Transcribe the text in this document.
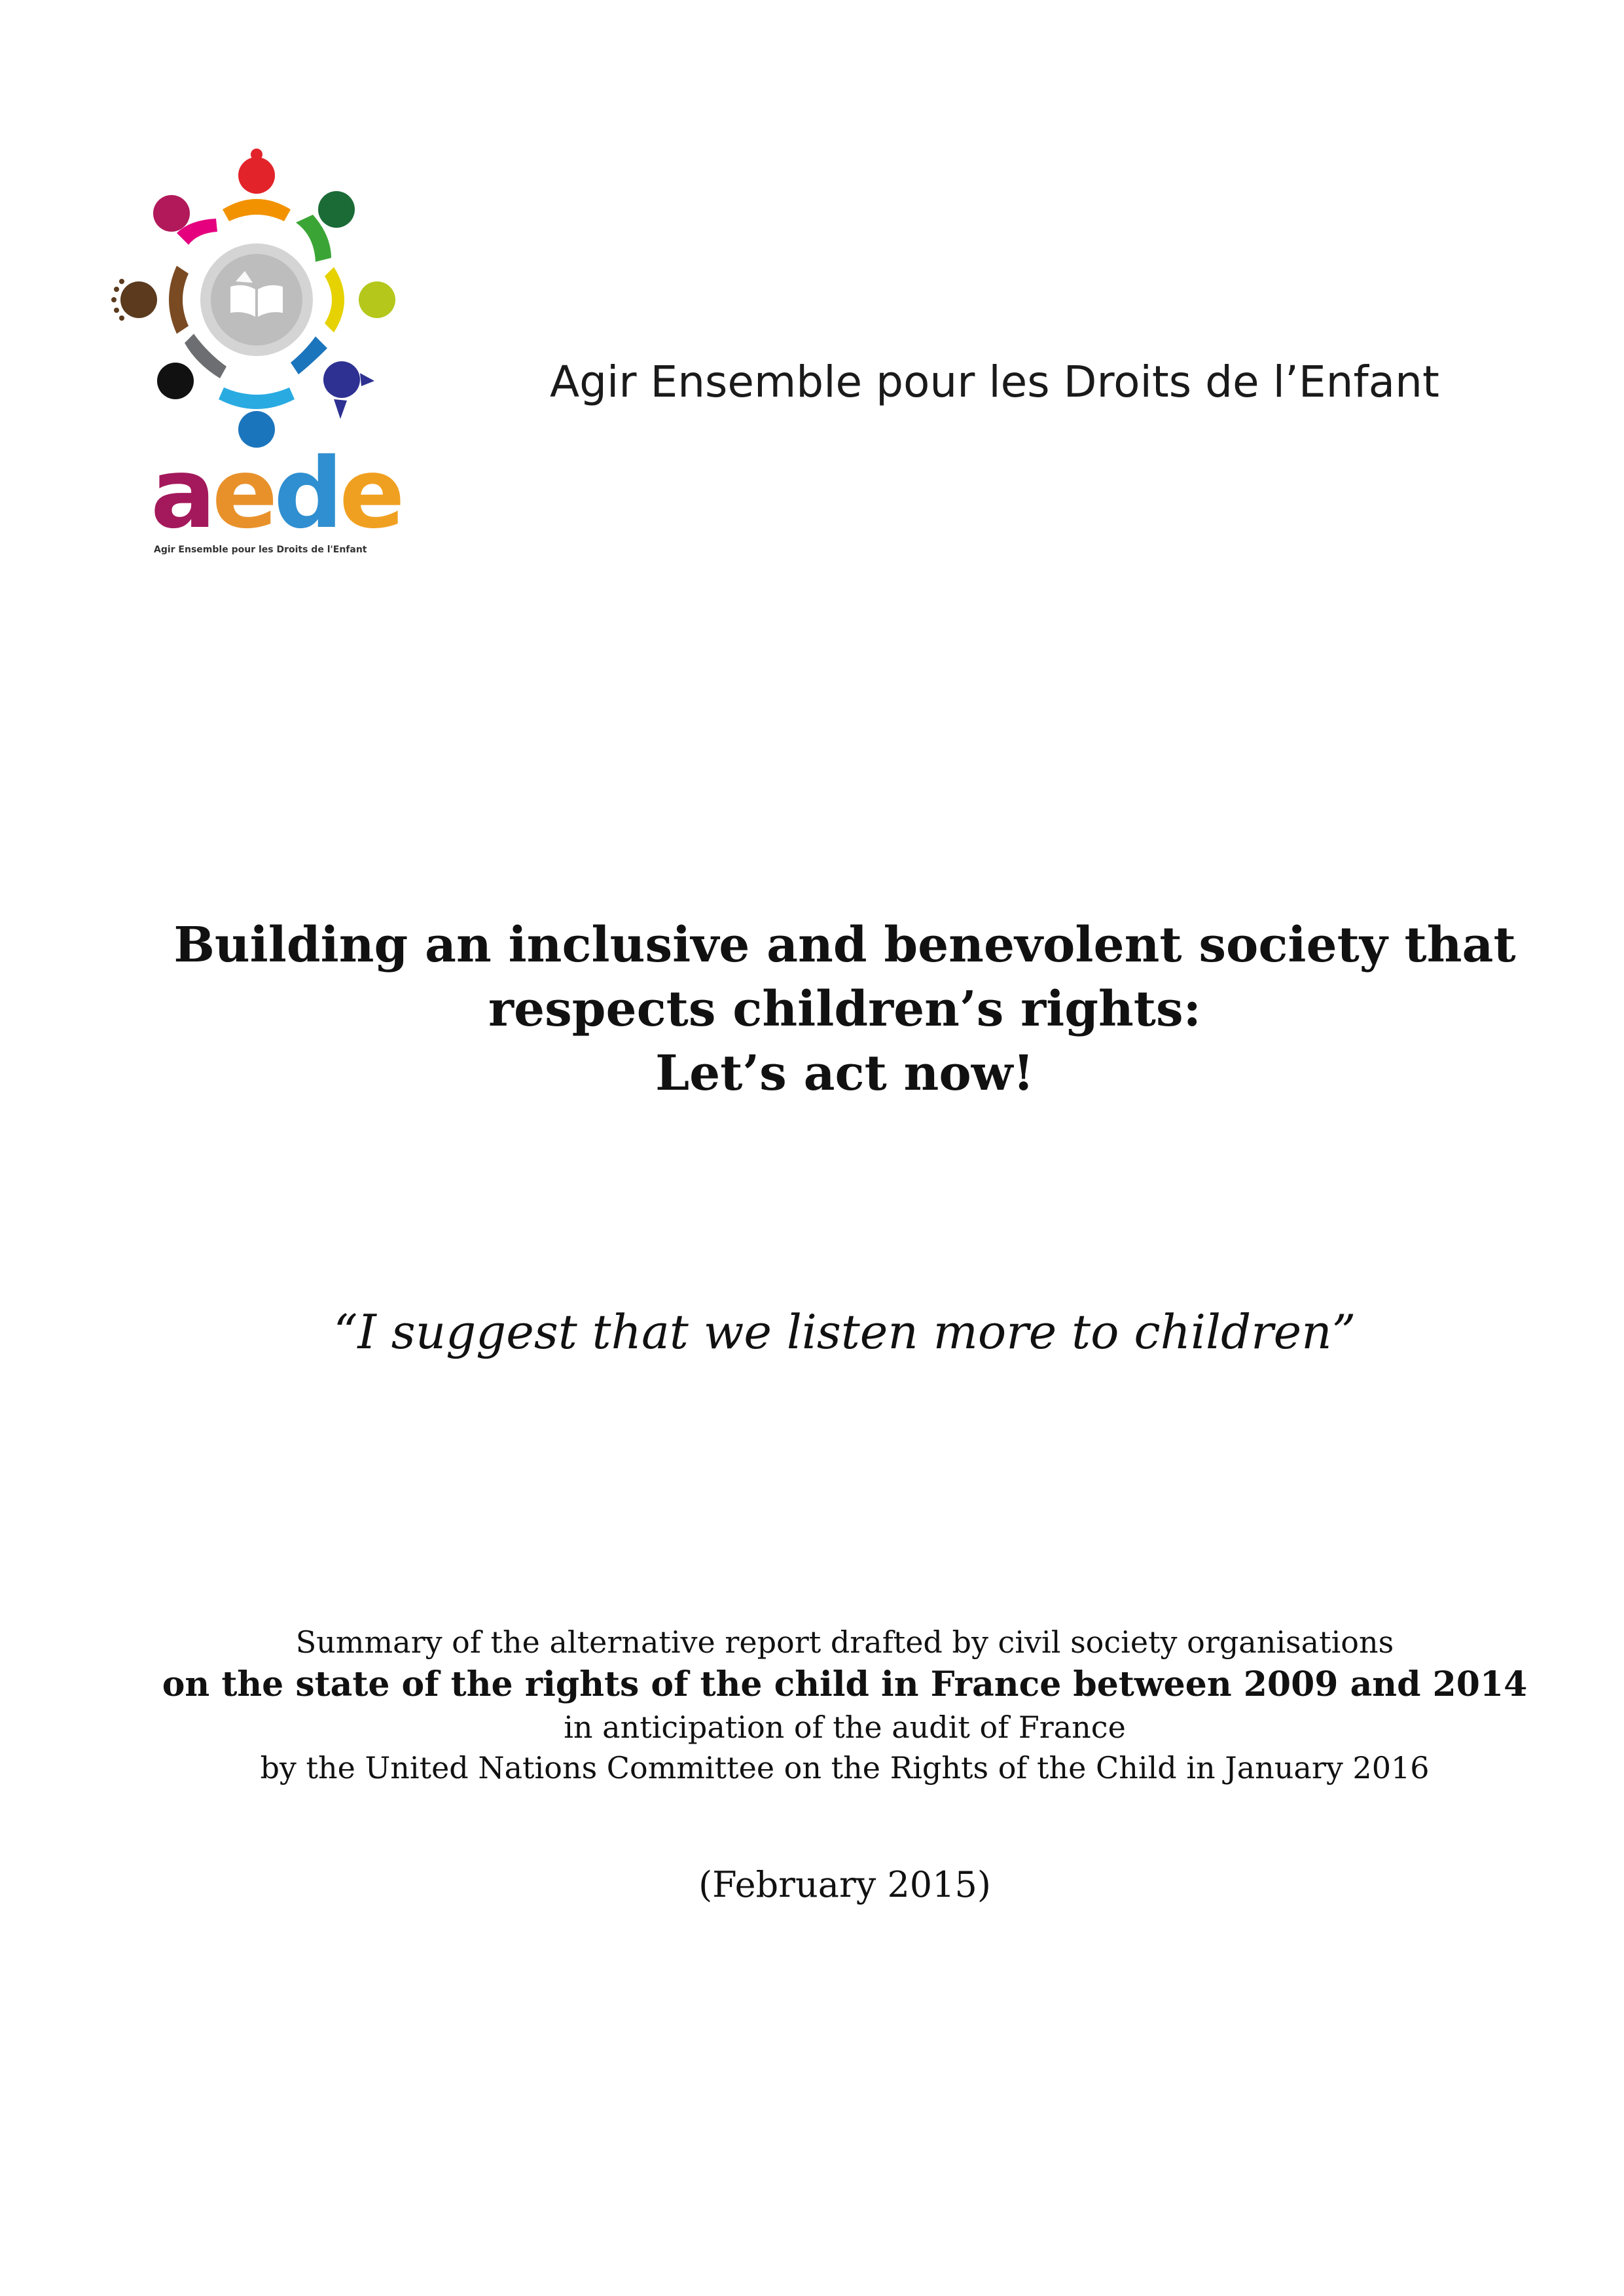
aede
Agir Ensemble pour les Droits de l'Enfant
Agir Ensemble pour les Droits de l’Enfant
Building an inclusive and benevolent society that
respects children’s rights:
Let’s act now!
“I suggest that we listen more to children”
Summary of the alternative report drafted by civil society organisations
on the state of the rights of the child in France between 2009 and 2014
in anticipation of the audit of France
by the United Nations Committee on the Rights of the Child in January 2016
(February 2015)
